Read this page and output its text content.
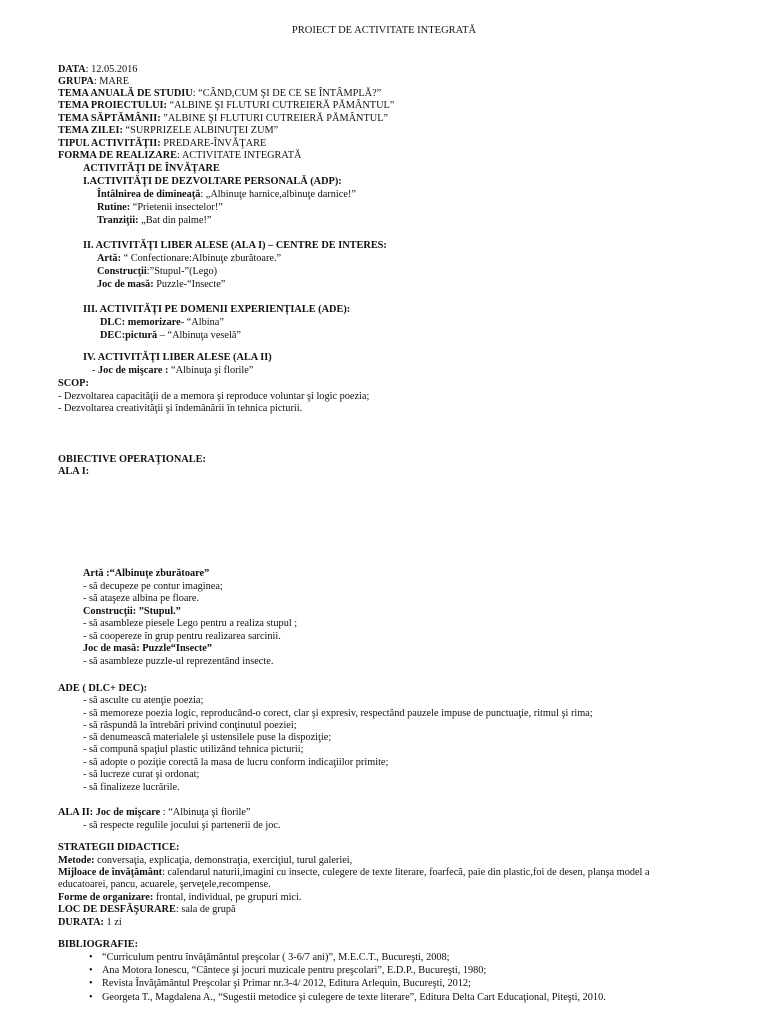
PROIECT DE ACTIVITATE INTEGRATĂ
DATA: 12.05.2016
GRUPA: MARE
TEMA ANUALĂ DE STUDIU: “CÂND,CUM ŞI DE CE SE ÎNTÂMPLĂ?”
TEMA PROIECTULUI: “ALBINE ŞI FLUTURI CUTREIERĂ PĂMÂNTUL”
TEMA SĂPTĂMÂNII: ”ALBINE ŞI FLUTURI CUTREIERĂ PĂMÂNTUL”
TEMA ZILEI: “SURPRIZELE ALBINUŢEI ZUM”
TIPUL ACTIVITĂŢII: PREDARE-ÎNVĂŢARE
FORMA DE REALIZARE: ACTIVITATE INTEGRATĂ
ACTIVITĂŢI DE ÎNVĂŢARE
I.ACTIVITĂŢI DE DEZVOLTARE PERSONALĂ (ADP):
Întâlnirea de dimineaţă: „Albinuţe harnice,albinuţe darnice!”
Rutine: “Prietenii insectelor!”
Tranziţii: „Bat din palme!”
II. ACTIVITĂŢI LIBER ALESE (ALA I) – CENTRE DE INTERES:
Artă: “ Confectionare:Albinuţe zburătoare.”
Construcţii:”Stupul-”(Lego)
Joc de masă: Puzzle-“Insecte”
III. ACTIVITĂŢI PE DOMENII EXPERIENŢIALE (ADE):
DLC: memorizare- “Albina”
DEC:pictură – “Albinuţa veselă”
IV. ACTIVITĂŢI LIBER ALESE (ALA II)
- Joc de mişcare : “Albinuţa şi florile”
SCOP:
- Dezvoltarea capacităţii de a memora şi reproduce voluntar şi logic poezia;
- Dezvoltarea creativităţii şi îndemânării în tehnica picturii.
OBIECTIVE OPERAŢIONALE:
ALA I:
Artă :“Albinuţe zburătoare”
- să decupeze pe contur imaginea;
- să ataşeze albina pe floare.
Construcţii: ”Stupul.”
- să asambleze piesele Lego pentru a realiza stupul ;
- să coopereze în grup pentru realizarea sarcinii.
Joc de masă: Puzzle“Insecte”
- să asambleze puzzle-ul reprezentând insecte.
ADE ( DLC+ DEC):
- să asculte cu atenţie poezia;
- să memoreze poezia logic, reproducând-o corect, clar şi expresiv, respectând pauzele impuse de punctuaţie, ritmul şi rima;
- să răspundă la întrebări privind conţinutul poeziei;
- să denumească materialele şi ustensilele puse la dispoziţie;
- să compună spaţiul plastic utilizând tehnica picturii;
- să adopte o poziţie corectă la masa de lucru conform indicaţiilor primite;
- să lucreze curat şi ordonat;
- să finalizeze lucrările.
ALA II: Joc de mişcare : “Albinuţa şi florile”
- să respecte regulile jocului şi partenerii de joc.
STRATEGII DIDACTICE:
Metode: conversaţia, explicaţia, demonstraţia, exerciţiul, turul galeriei,
Mijloace de învăţământ: calendarul naturii,imagini cu insecte, culegere de texte literare, foarfecă, paie din plastic,foi de desen, planşa model a
educatoarei, pancu, acuarele, şerveţele,recompense.
Forme de organizare: frontal, individual, pe grupuri mici.
LOC DE DESFĂŞURARE: sala de grupă
DURATA: 1 zi
BIBLIOGRAFIE:
• “Curriculum pentru învăţământul preşcolar ( 3-6/7 ani)”, M.E.C.T., Bucureşti, 2008;
• Ana Motora Ionescu, “Cântece şi jocuri muzicale pentru preşcolari”, E.D.P., Bucureşti, 1980;
• Revista Învăţământul Preşcolar şi Primar nr.3-4/ 2012, Editura Arlequin, Bucureşti, 2012;
• Georgeta T., Magdalena A., “Sugestii metodice şi culegere de texte literare”, Editura Delta Cart Educaţional, Piteşti, 2010.
